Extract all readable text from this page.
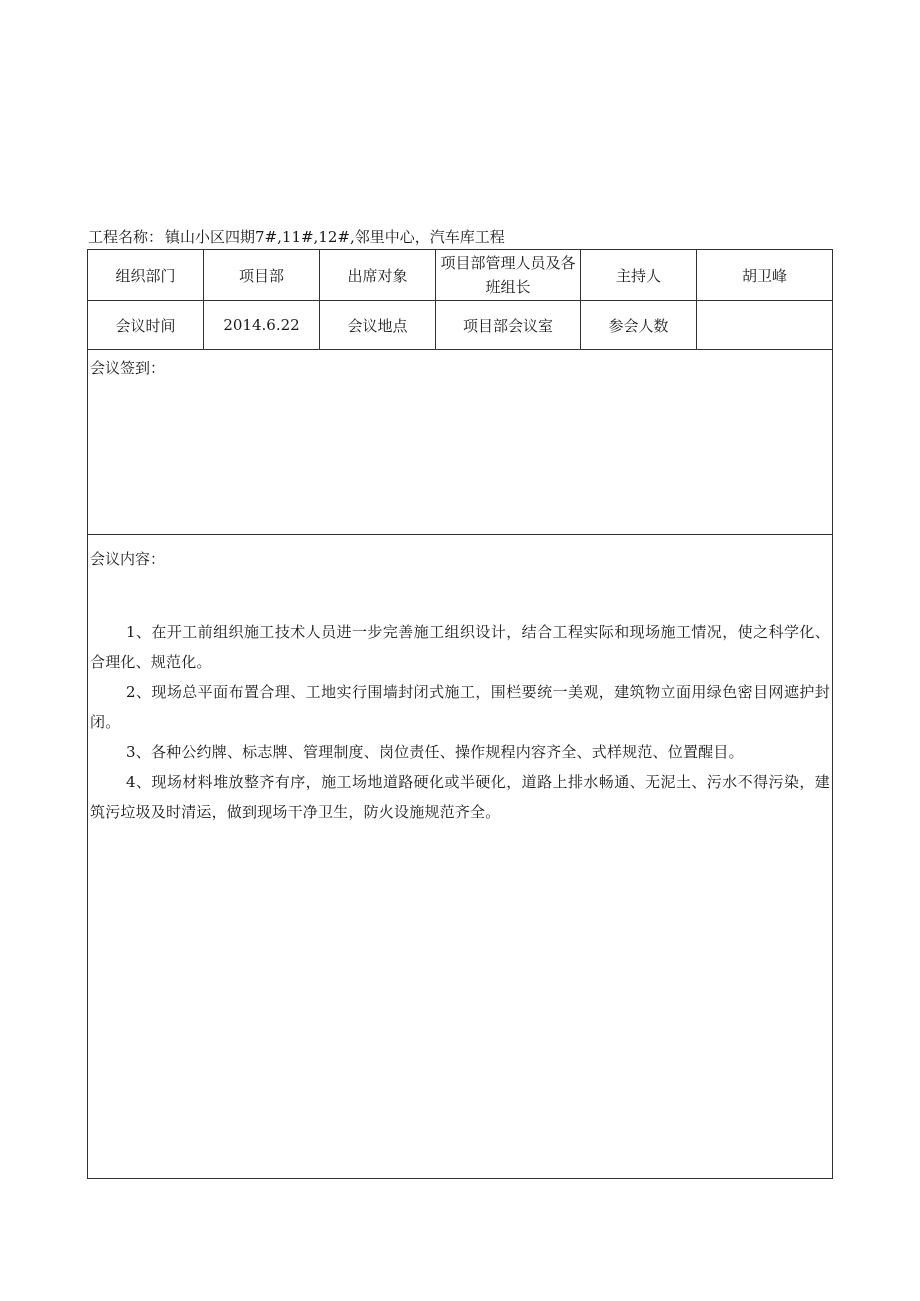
工程名称： 镇山小区四期7#,11#,12#,邻里中心，汽车库工程
组织部门	项目部	出席对象	项目部管理人员及各班组长	主持人	胡卫峰
会议时间	2014.6.22	会议地点	项目部会议室	参会人数	

会议签到：					

会议内容：

1、在开工前组织施工技术人员进一步完善施工组织设计，结合工程实际和现场施工情况，使之科学化、合理化、规范化。

2、现场总平面布置合理、工地实行围墙封闭式施工，围栏要统一美观，建筑物立面用绿色密目网遮护封闭。

3、各种公约牌、标志牌、管理制度、岗位责任、操作规程内容齐全、式样规范、位置醒目。

4、现场材料堆放整齐有序，施工场地道路硬化或半硬化，道路上排水畅通、无泥土、污水不得污染，建筑污垃圾及时清运，做到现场干净卫生，防火设施规范齐全。					
